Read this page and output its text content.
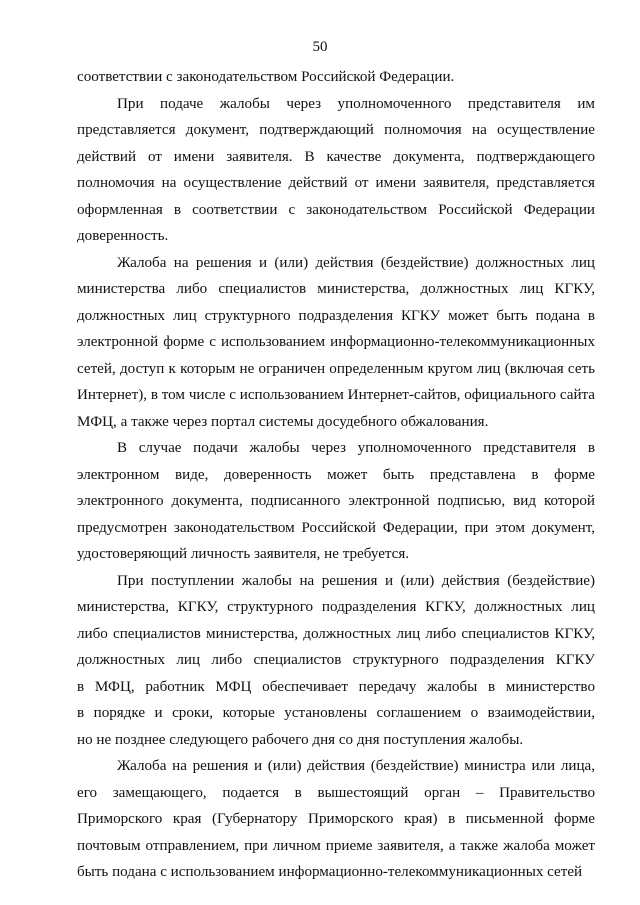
50
соответствии с законодательством Российской Федерации.
При подаче жалобы через уполномоченного представителя им
представляется документ, подтверждающий полномочия на осуществление
действий от имени заявителя. В качестве документа, подтверждающего
полномочия на осуществление действий от имени заявителя, представляется
оформленная в соответствии с законодательством Российской Федерации
доверенность.
Жалоба на решения и (или) действия (бездействие) должностных лиц
министерства либо специалистов министерства, должностных лиц КГКУ,
должностных лиц структурного подразделения КГКУ может быть подана в
электронной форме с использованием информационно-телекоммуникационных
сетей, доступ к которым не ограничен определенным кругом лиц (включая сеть
Интернет), в том числе с использованием Интернет-сайтов, официального сайта
МФЦ, а также через портал системы досудебного обжалования.
В случае подачи жалобы через уполномоченного представителя в
электронном виде, доверенность может быть представлена в форме
электронного документа, подписанного электронной подписью, вид которой
предусмотрен законодательством Российской Федерации, при этом документ,
удостоверяющий личность заявителя, не требуется.
При поступлении жалобы на решения и (или) действия (бездействие)
министерства, КГКУ, структурного подразделения КГКУ, должностных лиц
либо специалистов министерства, должностных лиц либо специалистов КГКУ,
должностных лиц либо специалистов структурного подразделения КГКУ
в МФЦ, работник МФЦ обеспечивает передачу жалобы в министерство
в порядке и сроки, которые установлены соглашением о взаимодействии,
но не позднее следующего рабочего дня со дня поступления жалобы.
Жалоба на решения и (или) действия (бездействие) министра или лица,
его замещающего, подается в вышестоящий орган – Правительство
Приморского края (Губернатору Приморского края) в письменной форме
почтовым отправлением, при личном приеме заявителя, а также жалоба может
быть подана с использованием информационно-телекоммуникационных сетей
